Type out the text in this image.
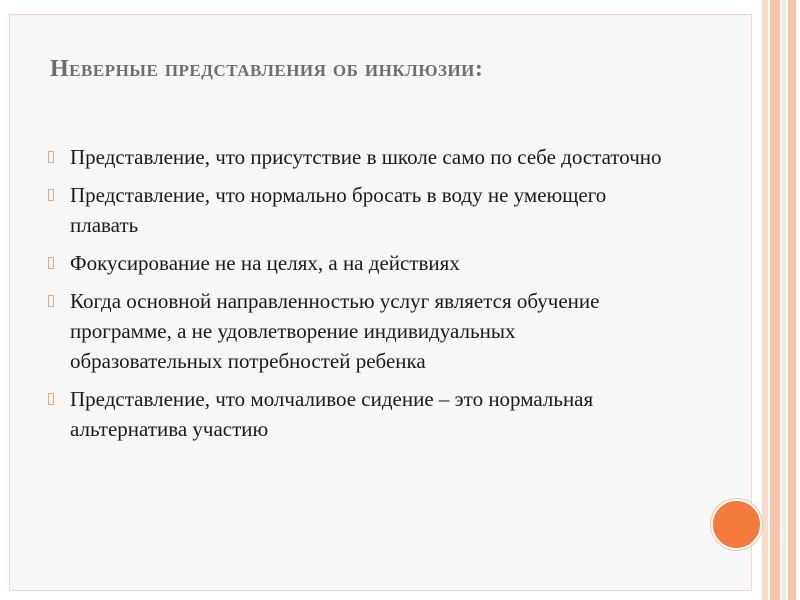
Неверные представления об инклюзии:
Представление, что присутствие в школе само по себе достаточно
Представление, что нормально бросать в воду не умеющего плавать
Фокусирование не на целях, а на действиях
Когда основной направленностью услуг является обучение программе, а не удовлетворение индивидуальных образовательных потребностей ребенка
Представление, что молчаливое сидение – это нормальная альтернатива участию
